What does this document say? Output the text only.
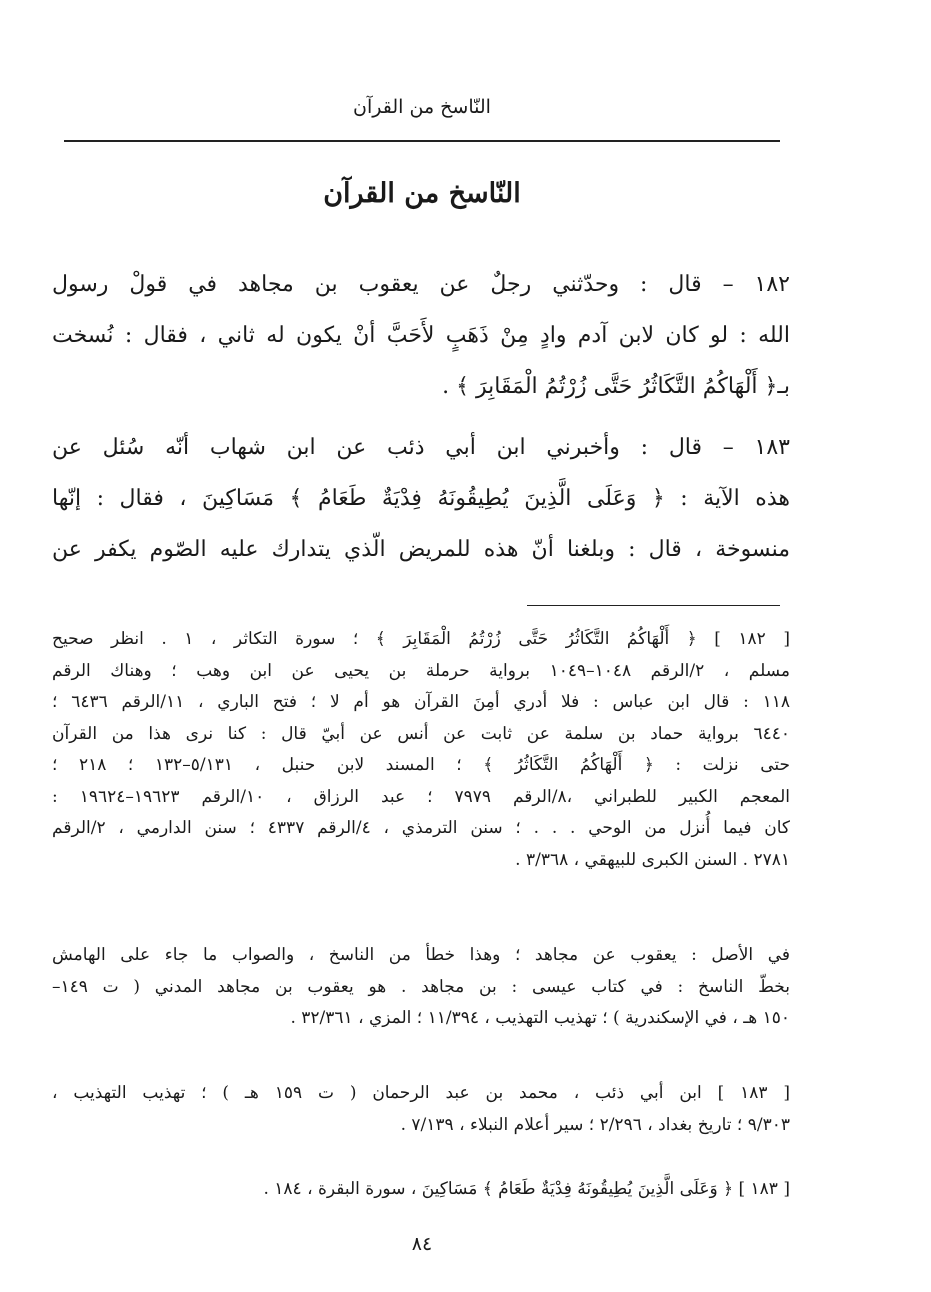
النّاسخ من القرآن
النّاسخ من القرآن
١٨٢ – قال : وحدّثني رجلٌ عن يعقوب بن مجاهد في قولْ رسول
الله : لو كان لابن آدم وادٍ مِنْ ذَهَبٍ لأَحَبَّ أنْ يكون له ثاني ، فقال : نُسخت
بـ﴿ أَلْهَاكُمُ التَّكَاثُرُ حَتَّى زُرْتُمُ الْمَقَابِرَ ﴾ .
١٨٣ – قال : وأخبرني ابن أبي ذئب عن ابن شهاب أنّه سُئل عن
هذه الآية : ﴿ وَعَلَى الَّذِينَ يُطِيقُونَهُ فِدْيَةٌ طَعَامُ ﴾ مَسَاكِينَ ، فقال : إنّها
منسوخة ، قال : وبلغنا أنّ هذه للمريض الّذي يتدارك عليه الصّوم يكفر عن
[ ١٨٢ ] ﴿ أَلْهَاكُمُ التَّكَاثُرُ حَتَّى زُرْتُمُ الْمَقَابِرَ ﴾ ؛ سورة التكاثر ، ١ . انظر صحيح
مسلم ، ٢/الرقم ١٠٤٨–١٠٤٩ برواية حرملة بن يحيى عن ابن وهب ؛ وهناك الرقم
١١٨ : قال ابن عباس : فلا أدري أمِنَ القرآن هو أم لا ؛ فتح الباري ، ١١/الرقم ٦٤٣٦ ؛
٦٤٤٠ برواية حماد بن سلمة عن ثابت عن أنس عن أبيّ قال : كنا نرى هذا من القرآن
حتى نزلت : ﴿ أَلْهَاكُمُ التَّكَاثُرُ ﴾ ؛ المسند لابن حنبل ، ٥/١٣١–١٣٢ ؛ ٢١٨ ؛
المعجم الكبير للطبراني ،٨/الرقم ٧٩٧٩ ؛ عبد الرزاق ، ١٠/الرقم ١٩٦٢٣–١٩٦٢٤ :
كان فيما أُنزل من الوحي . . . ؛ سنن الترمذي ، ٤/الرقم ٤٣٣٧ ؛ سنن الدارمي ، ٢/الرقم
٢٧٨١ . السنن الكبرى للبيهقي ، ٣/٣٦٨ .
في الأصل : يعقوب عن مجاهد ؛ وهذا خطأ من الناسخ ، والصواب ما جاء على الهامش
بخطّ الناسخ : في كتاب عيسى : بن مجاهد . هو يعقوب بن مجاهد المدني ( ت ١٤٩–
١٥٠ هـ ، في الإسكندرية ) ؛ تهذيب التهذيب ، ١١/٣٩٤ ؛ المزي ، ٣٢/٣٦١ .
[ ١٨٣ ] ابن أبي ذئب ، محمد بن عبد الرحمان ( ت ١٥٩ هـ ) ؛ تهذيب التهذيب ،
٩/٣٠٣ ؛ تاريخ بغداد ، ٢/٢٩٦ ؛ سير أعلام النبلاء ، ٧/١٣٩ .
[ ١٨٣ ] ﴿ وَعَلَى الَّذِينَ يُطِيقُونَهُ فِدْيَةٌ طَعَامُ ﴾ مَسَاكِينَ ، سورة البقرة ، ١٨٤ .
٨٤
